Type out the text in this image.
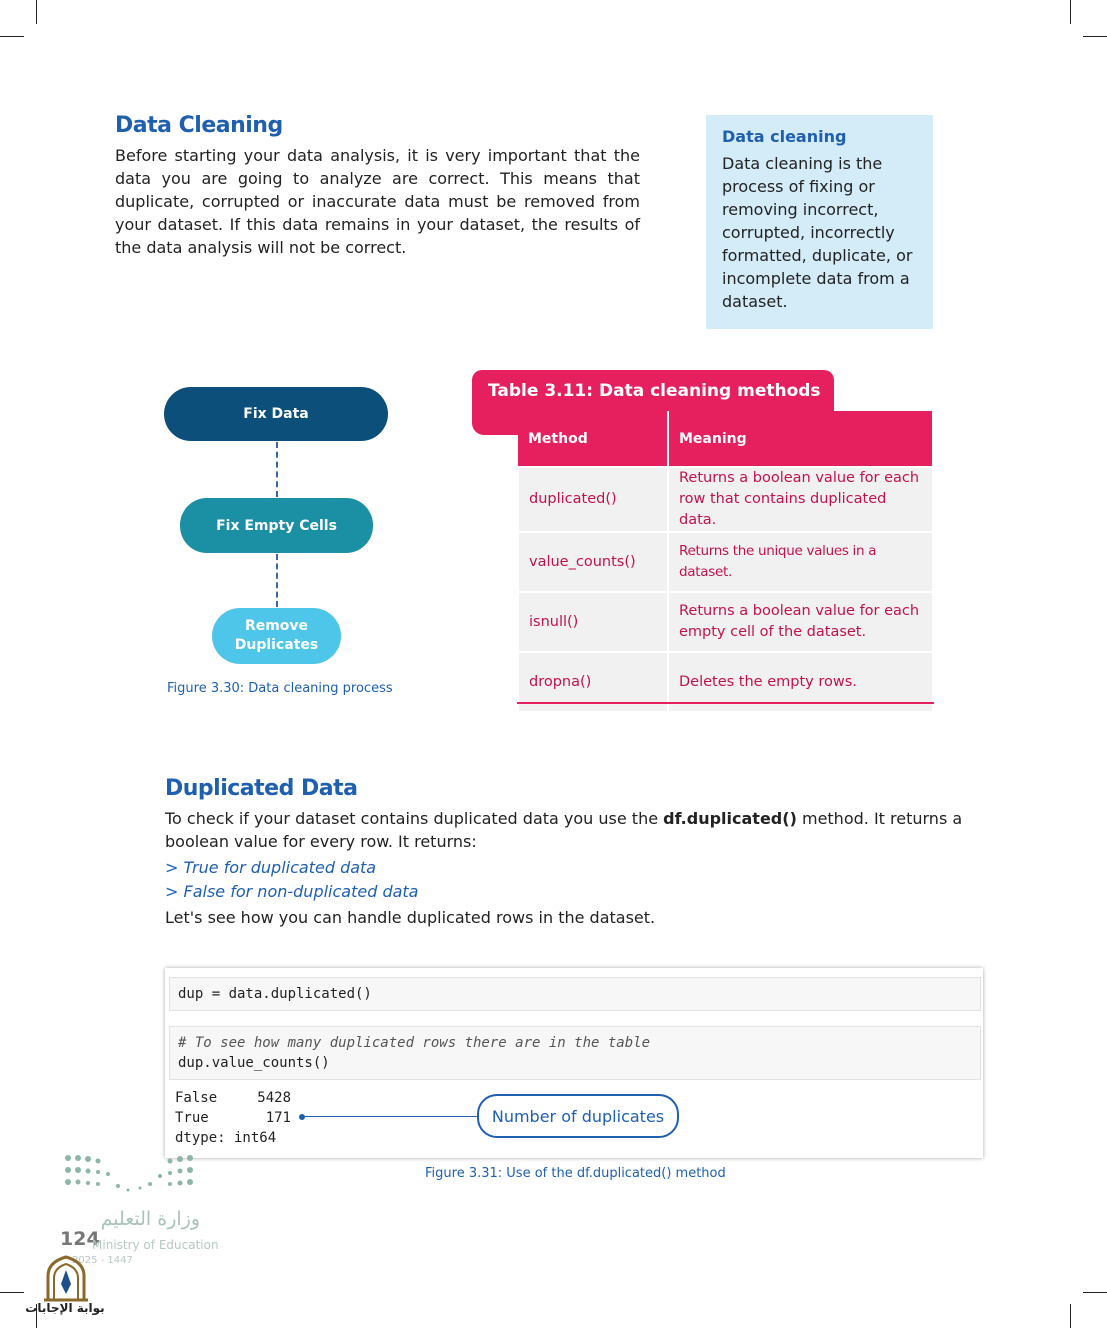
Data Cleaning

Before starting your data analysis, it is very important that the data you are going to analyze are correct. This means that duplicate, corrupted or inaccurate data must be removed from your dataset. If this data remains in your dataset, the results of the data analysis will not be correct.

Data cleaning
Data cleaning is the process of fixing or removing incorrect, corrupted, incorrectly formatted, duplicate, or incomplete data from a dataset.
Fix Data
Fix Empty Cells
Remove Duplicates
Figure 3.30: Data cleaning process
Table 3.11: Data cleaning methods
Method	Meaning
duplicated()	Returns a boolean value for each row that contains duplicated data.
value_counts()	Returns the unique values in a dataset.
isnull()	Returns a boolean value for each empty cell of the dataset.
dropna()	Deletes the empty rows.
Duplicated Data

To check if your dataset contains duplicated data you use the df.duplicated() method. It returns a boolean value for every row. It returns:

> True for duplicated data
> False for non-duplicated data

Let's see how you can handle duplicated rows in the dataset.

dup = data.duplicated()
# To see how many duplicated rows there are in the table
dup.value_counts()
False	5428
True	171
dtype: int64
Number of duplicates
Figure 3.31: Use of the df.duplicated() method
وزارة التعليم
124
Ministry of Education
2025 - 1447
بوابة الإجابات
